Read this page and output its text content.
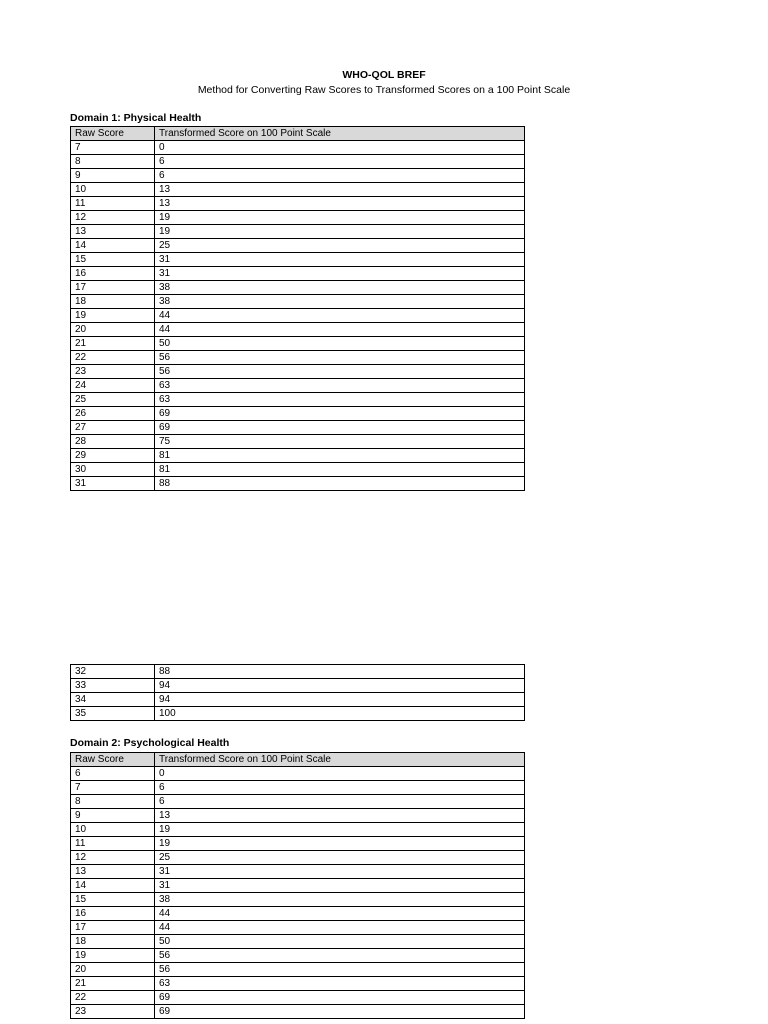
WHO-QOL BREF
Method for Converting Raw Scores to Transformed Scores on a 100 Point Scale
Domain 1: Physical Health
Raw Score	Transformed Score on 100 Point Scale
7	0
8	6
9	6
10	13
11	13
12	19
13	19
14	25
15	31
16	31
17	38
18	38
19	44
20	44
21	50
22	56
23	56
24	63
25	63
26	69
27	69
28	75
29	81
30	81
31	88
32	88
33	94
34	94
35	100
Domain 2: Psychological Health
Raw Score	Transformed Score on 100 Point Scale
6	0
7	6
8	6
9	13
10	19
11	19
12	25
13	31
14	31
15	38
16	44
17	44
18	50
19	56
20	56
21	63
22	69
23	69
